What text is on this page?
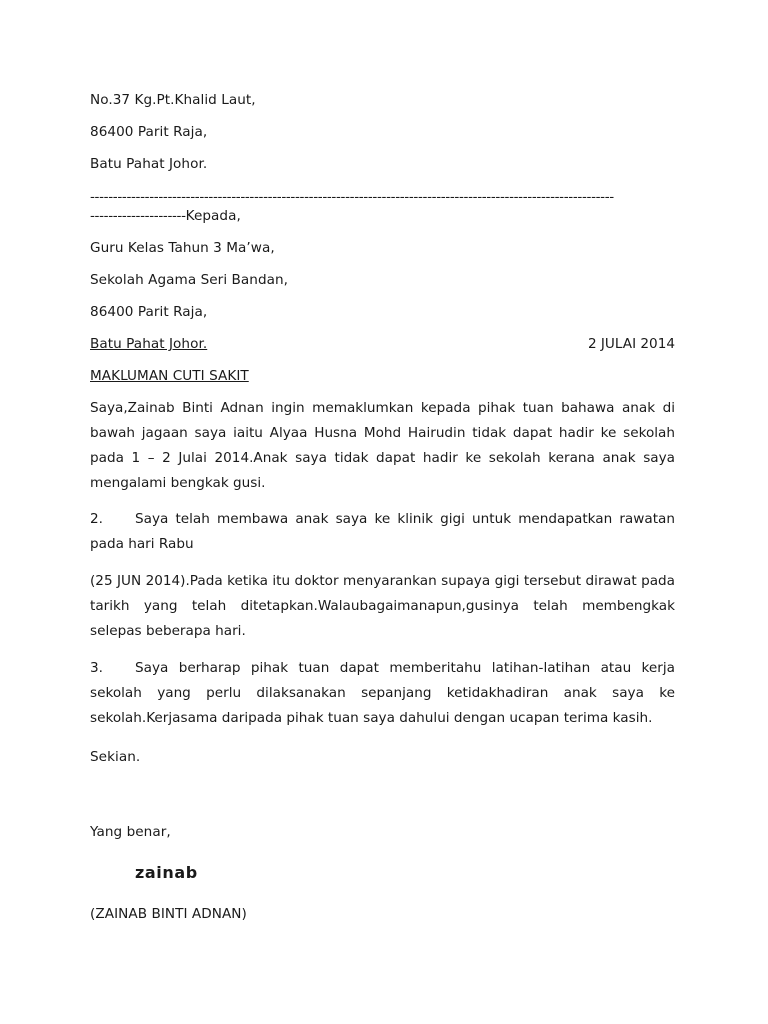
No.37 Kg.Pt.Khalid Laut,
86400 Parit Raja,
Batu Pahat Johor.
-------------------------------------------------------------------------------------------------------------------
---------------------Kepada,
Guru Kelas Tahun 3 Ma’wa,
Sekolah Agama Seri Bandan,
86400 Parit Raja,
Batu Pahat Johor.	2 JULAI 2014
MAKLUMAN CUTI SAKIT
Saya,Zainab Binti Adnan ingin memaklumkan kepada pihak tuan bahawa anak di bawah jagaan saya iaitu Alyaa Husna Mohd Hairudin tidak dapat hadir ke sekolah pada 1 – 2 Julai 2014.Anak saya tidak dapat hadir ke sekolah kerana anak saya mengalami bengkak gusi.
2. Saya telah membawa anak saya ke klinik gigi untuk mendapatkan rawatan pada hari Rabu
(25 JUN 2014).Pada ketika itu doktor menyarankan supaya gigi tersebut dirawat pada tarikh yang telah ditetapkan.Walaubagaimanapun,gusinya telah membengkak selepas beberapa hari.
3. Saya berharap pihak tuan dapat memberitahu latihan-latihan atau kerja sekolah yang perlu dilaksanakan sepanjang ketidakhadiran anak saya ke sekolah.Kerjasama daripada pihak tuan saya dahului dengan ucapan terima kasih.
Sekian.
Yang benar,
zainab
(ZAINAB BINTI ADNAN)
